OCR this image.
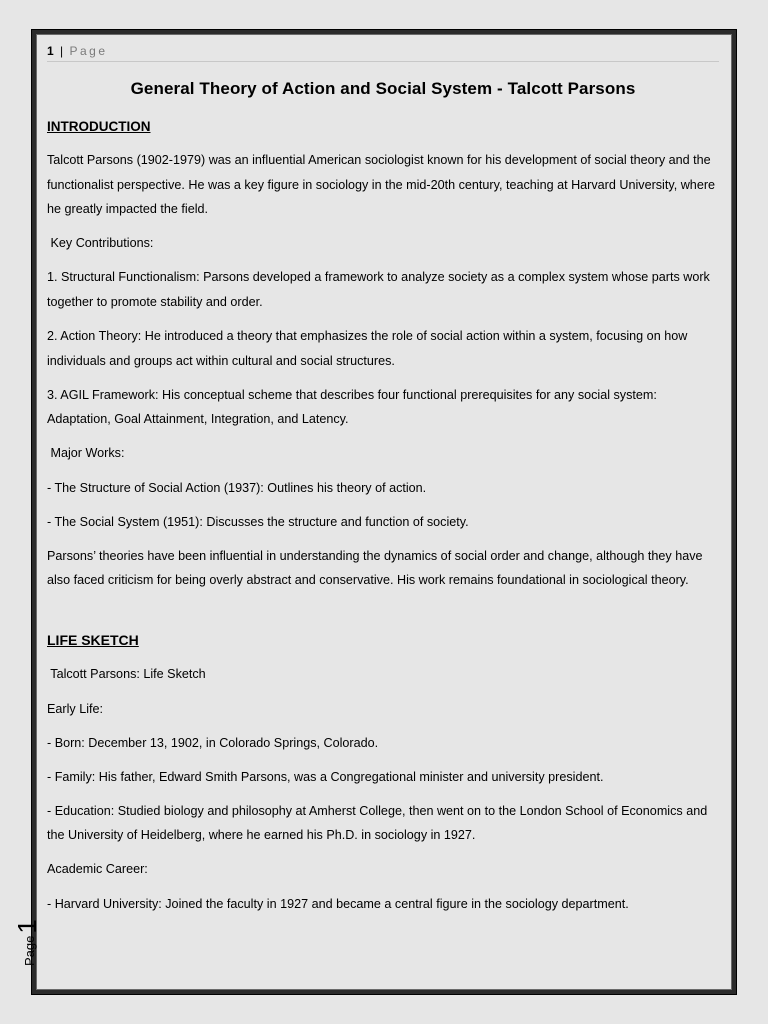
1 | Page
General Theory of Action and Social System - Talcott Parsons
INTRODUCTION

Talcott Parsons (1902-1979) was an influential American sociologist known for his development of social theory and the functionalist perspective. He was a key figure in sociology in the mid-20th century, teaching at Harvard University, where he greatly impacted the field.

Key Contributions:

1. Structural Functionalism: Parsons developed a framework to analyze society as a complex system whose parts work together to promote stability and order.

2. Action Theory: He introduced a theory that emphasizes the role of social action within a system, focusing on how individuals and groups act within cultural and social structures.

3. AGIL Framework: His conceptual scheme that describes four functional prerequisites for any social system: Adaptation, Goal Attainment, Integration, and Latency.

Major Works:

- The Structure of Social Action (1937): Outlines his theory of action.

- The Social System (1951): Discusses the structure and function of society.

Parsons’ theories have been influential in understanding the dynamics of social order and change, although they have also faced criticism for being overly abstract and conservative. His work remains foundational in sociological theory.

LIFE SKETCH

Talcott Parsons: Life Sketch

Early Life:

- Born: December 13, 1902, in Colorado Springs, Colorado.

- Family: His father, Edward Smith Parsons, was a Congregational minister and university president.

- Education: Studied biology and philosophy at Amherst College, then went on to the London School of Economics and the University of Heidelberg, where he earned his Ph.D. in sociology in 1927.

Academic Career:

- Harvard University: Joined the faculty in 1927 and became a central figure in the sociology department.

Page1
